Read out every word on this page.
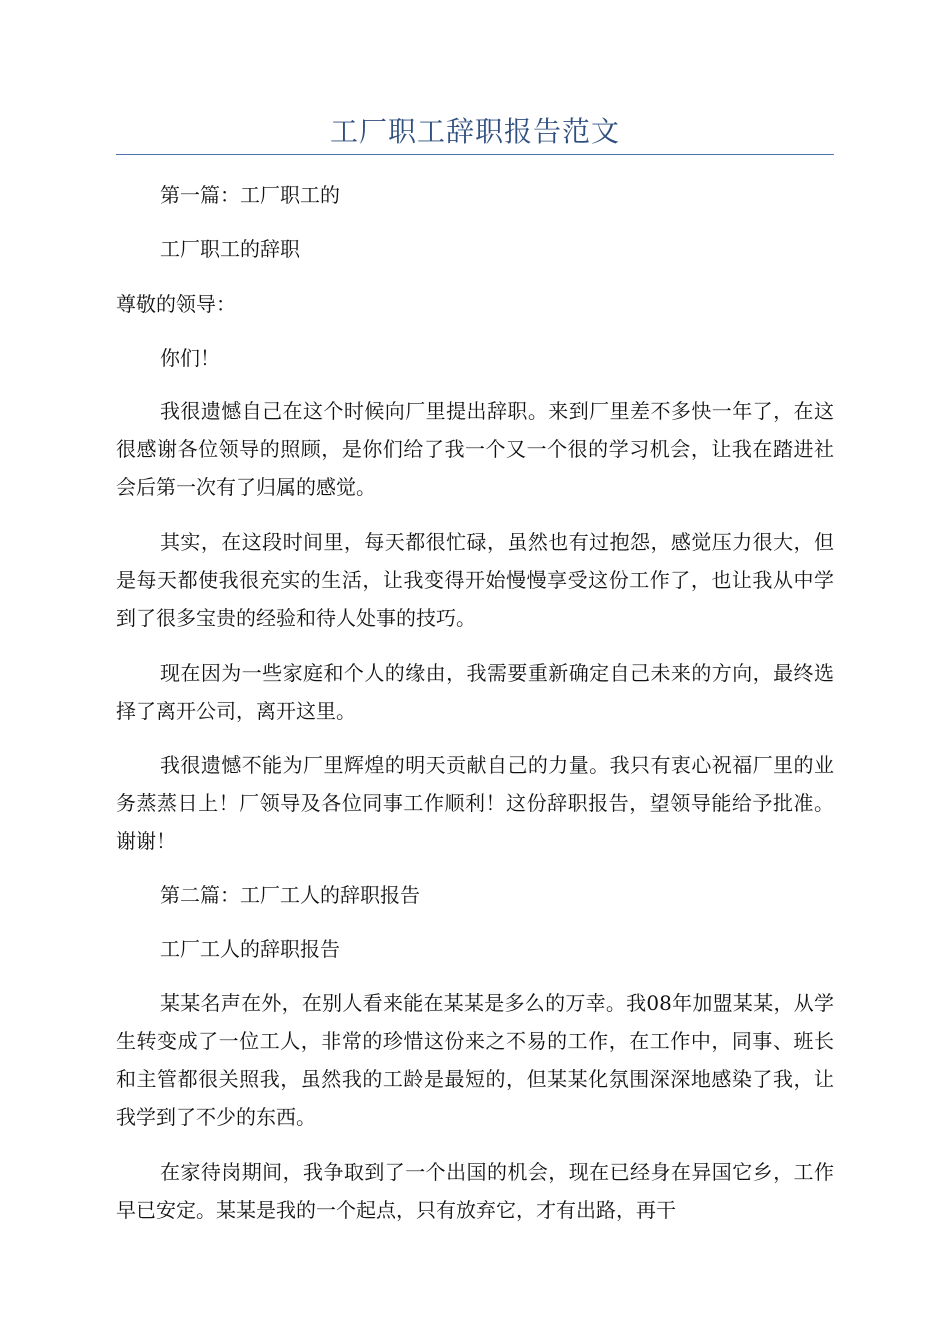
工厂职工辞职报告范文

第一篇：工厂职工的

工厂职工的辞职

尊敬的领导：

你们！

我很遗憾自己在这个时候向厂里提出辞职。来到厂里差不多快一年了，在这很感谢各位领导的照顾，是你们给了我一个又一个很的学习机会，让我在踏进社会后第一次有了归属的感觉。

其实，在这段时间里，每天都很忙碌，虽然也有过抱怨，感觉压力很大，但是每天都使我很充实的生活，让我变得开始慢慢享受这份工作了，也让我从中学到了很多宝贵的经验和待人处事的技巧。

现在因为一些家庭和个人的缘由，我需要重新确定自己未来的方向，最终选择了离开公司，离开这里。

我很遗憾不能为厂里辉煌的明天贡献自己的力量。我只有衷心祝福厂里的业务蒸蒸日上！厂领导及各位同事工作顺利！这份辞职报告，望领导能给予批准。谢谢！

第二篇：工厂工人的辞职报告

工厂工人的辞职报告

某某名声在外，在别人看来能在某某是多么的万幸。我08年加盟某某，从学生转变成了一位工人，非常的珍惜这份来之不易的工作，在工作中，同事、班长和主管都很关照我，虽然我的工龄是最短的，但某某化氛围深深地感染了我，让我学到了不少的东西。

在家待岗期间，我争取到了一个出国的机会，现在已经身在异国它乡，工作早已安定。某某是我的一个起点，只有放弃它，才有出路，再干
